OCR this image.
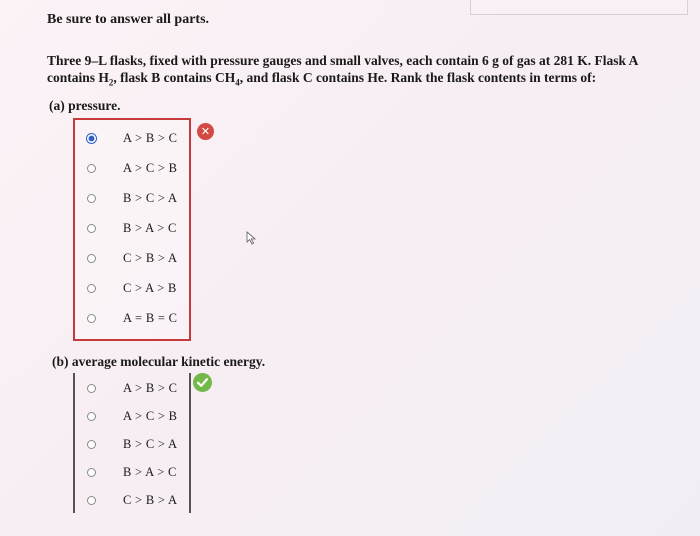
Be sure to answer all parts.
Three 9–L flasks, fixed with pressure gauges and small valves, each contain 6 g of gas at 281 K. Flask A contains $H_2$, flask B contains $CH_4$, and flask C contains He. Rank the flask contents in terms of:
(a) pressure.
A > B > C
A > C > B
B > C > A
B > A > C
C > B > A
C > A > B
A = B = C
✕
(b) average molecular kinetic energy.
A > B > C
A > C > B
B > C > A
B > A > C
C > B > A
